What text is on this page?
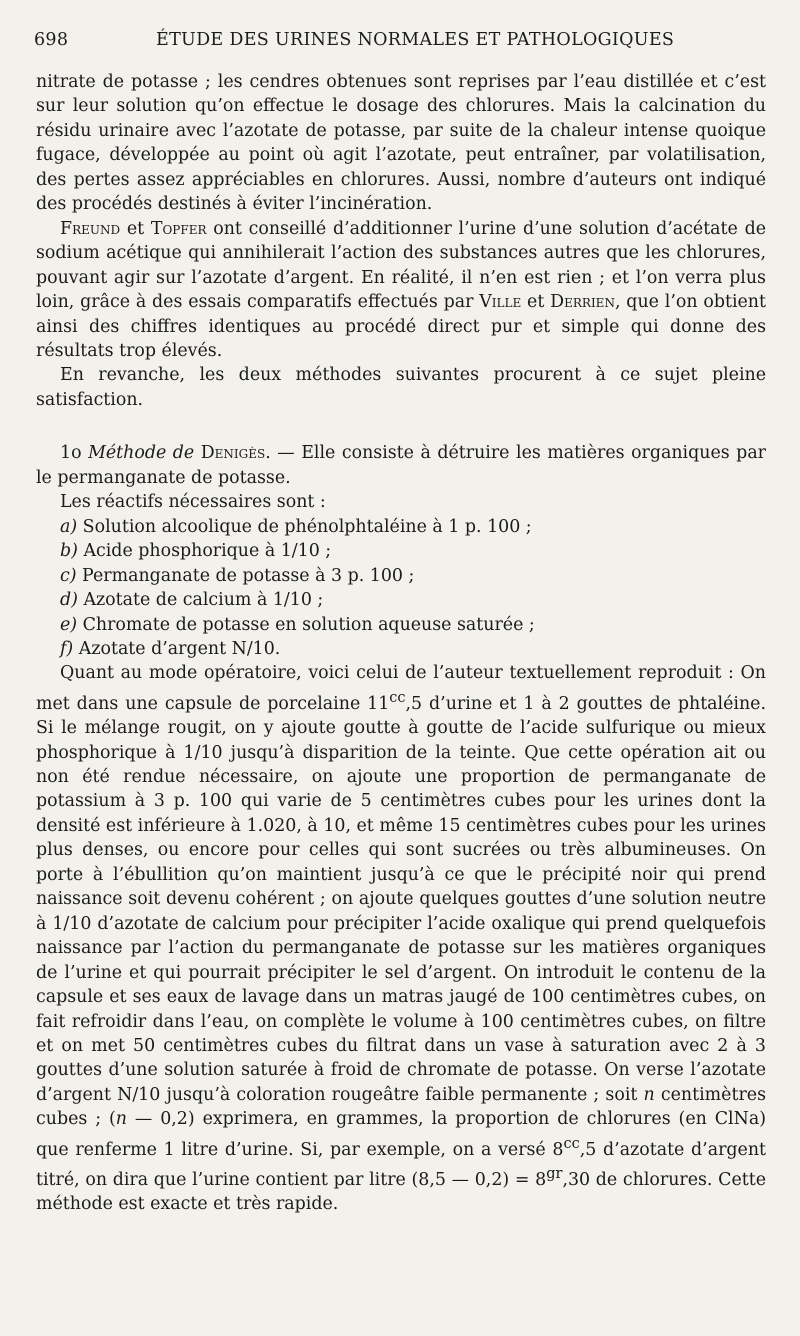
698	ÉTUDE DES URINES NORMALES ET PATHOLOGIQUES

nitrate de potasse ; les cendres obtenues sont reprises par l’eau distillée et c’est sur leur solution qu’on effectue le dosage des chlorures. Mais la calcination du résidu urinaire avec l’azotate de potasse, par suite de la chaleur intense quoique fugace, développée au point où agit l’azotate, peut entraîner, par volatilisation, des pertes assez appréciables en chlorures. Aussi, nombre d’auteurs ont indiqué des procédés destinés à éviter l’incinération.

Freund et Topfer ont conseillé d’additionner l’urine d’une solution d’acétate de sodium acétique qui annihilerait l’action des substances autres que les chlorures, pouvant agir sur l’azotate d’argent. En réalité, il n’en est rien ; et l’on verra plus loin, grâce à des essais comparatifs effectués par Ville et Derrien, que l’on obtient ainsi des chiffres identiques au procédé direct pur et simple qui donne des résultats trop élevés.

En revanche, les deux méthodes suivantes procurent à ce sujet pleine satisfaction.

1o Méthode de Denigès. — Elle consiste à détruire les matières organiques par le permanganate de potasse.

Les réactifs nécessaires sont :

a) Solution alcoolique de phénolphtaléine à 1 p. 100 ;
b) Acide phosphorique à 1/10 ;
c) Permanganate de potasse à 3 p. 100 ;
d) Azotate de calcium à 1/10 ;
e) Chromate de potasse en solution aqueuse saturée ;
f) Azotate d’argent N/10.

Quant au mode opératoire, voici celui de l’auteur textuellement reproduit : On met dans une capsule de porcelaine $11^{cc},5$ d’urine et 1 à 2 gouttes de phtaléine. Si le mélange rougit, on y ajoute goutte à goutte de l’acide sulfurique ou mieux phosphorique à 1/10 jusqu’à disparition de la teinte. Que cette opération ait ou non été rendue nécessaire, on ajoute une proportion de permanganate de potassium à 3 p. 100 qui varie de 5 centimètres cubes pour les urines dont la densité est inférieure à 1.020, à 10, et même 15 centimètres cubes pour les urines plus denses, ou encore pour celles qui sont sucrées ou très albumineuses. On porte à l’ébullition qu’on maintient jusqu’à ce que le précipité noir qui prend naissance soit devenu cohérent ; on ajoute quelques gouttes d’une solution neutre à 1/10 d’azotate de calcium pour précipiter l’acide oxalique qui prend quelquefois naissance par l’action du permanganate de potasse sur les matières organiques de l’urine et qui pourrait précipiter le sel d’argent. On introduit le contenu de la capsule et ses eaux de lavage dans un matras jaugé de 100 centimètres cubes, on fait refroidir dans l’eau, on complète le volume à 100 centimètres cubes, on filtre et on met 50 centimètres cubes du filtrat dans un vase à saturation avec 2 à 3 gouttes d’une solution saturée à froid de chromate de potasse. On verse l’azotate d’argent N/10 jusqu’à coloration rougeâtre faible permanente ; soit n centimètres cubes ; (n — 0,2) exprimera, en grammes, la proportion de chlorures (en ClNa) que renferme 1 litre d’urine. Si, par exemple, on a versé $8^{cc},5$ d’azotate d’argent titré, on dira que l’urine contient par litre (8,5 — $0,2) = 8^{gr},30$ de chlorures. Cette méthode est exacte et très rapide.
